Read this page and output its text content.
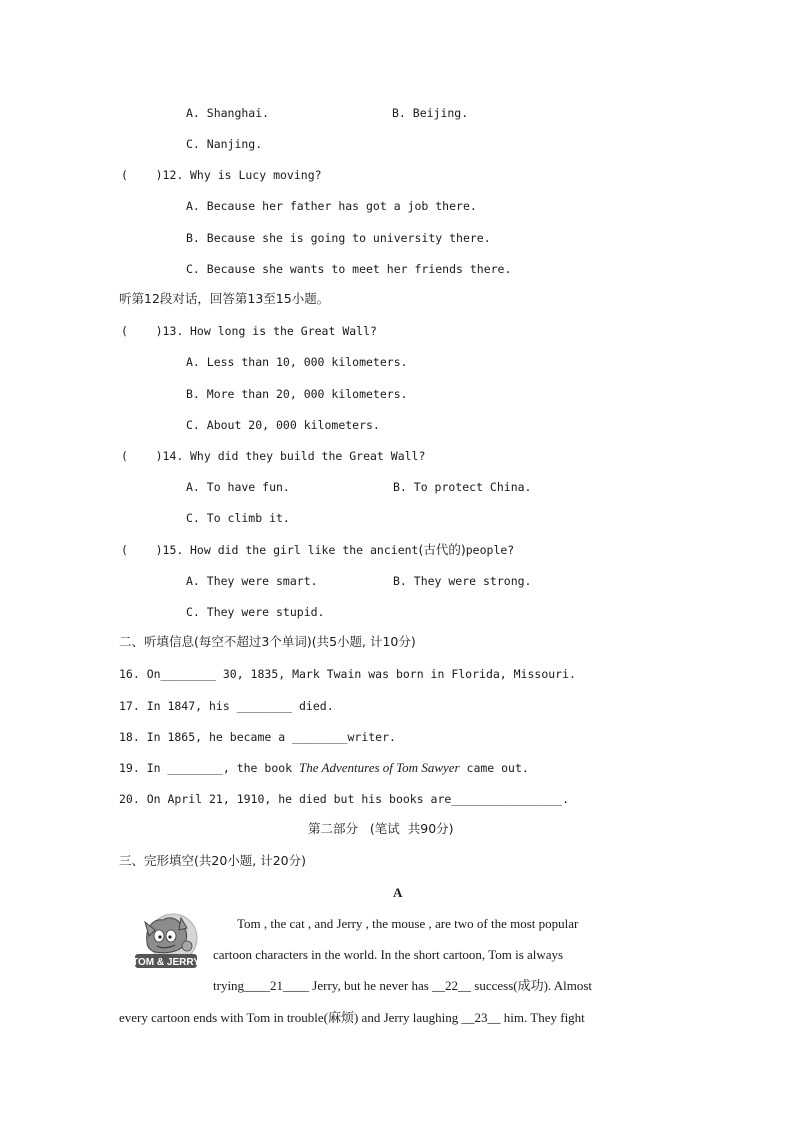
A. Shanghai.	B. Beijing.
C. Nanjing.
(    )12. Why is Lucy moving?
A. Because her father has got a job there.
B. Because she is going to university there.
C. Because she wants to meet her friends there.
听第12段对话，回答第13至15小题。
(    )13. How long is the Great Wall?
A. Less than 10, 000 kilometers.
B. More than 20, 000 kilometers.
C. About 20, 000 kilometers.
(    )14. Why did they build the Great Wall?
A. To have fun.	B. To protect China.
C. To climb it.
(    )15. How did the girl like the ancient(古代的)people?
A. They were smart.	B. They were strong.
C. They were stupid.
二、听填信息(每空不超过3个单词)(共5小题, 计10分)
16. On________ 30, 1835, Mark Twain was born in Florida, Missouri.
17. In 1847, his ________ died.
18. In 1865, he became a ________writer.
19. In ________, the book The Adventures of Tom Sawyer came out.
20. On April 21, 1910, he died but his books are________________.
第二部分   (笔试  共90分)
三、完形填空(共20小题, 计20分)
A
TOM & JERRY
Tom , the cat , and Jerry , the mouse , are two of the most popular
cartoon characters in the world. In the short cartoon, Tom is always
trying____21____ Jerry, but he never has __22__ success(成功). Almost
every cartoon ends with Tom in trouble(麻烦) and Jerry laughing __23__ him. They fight
